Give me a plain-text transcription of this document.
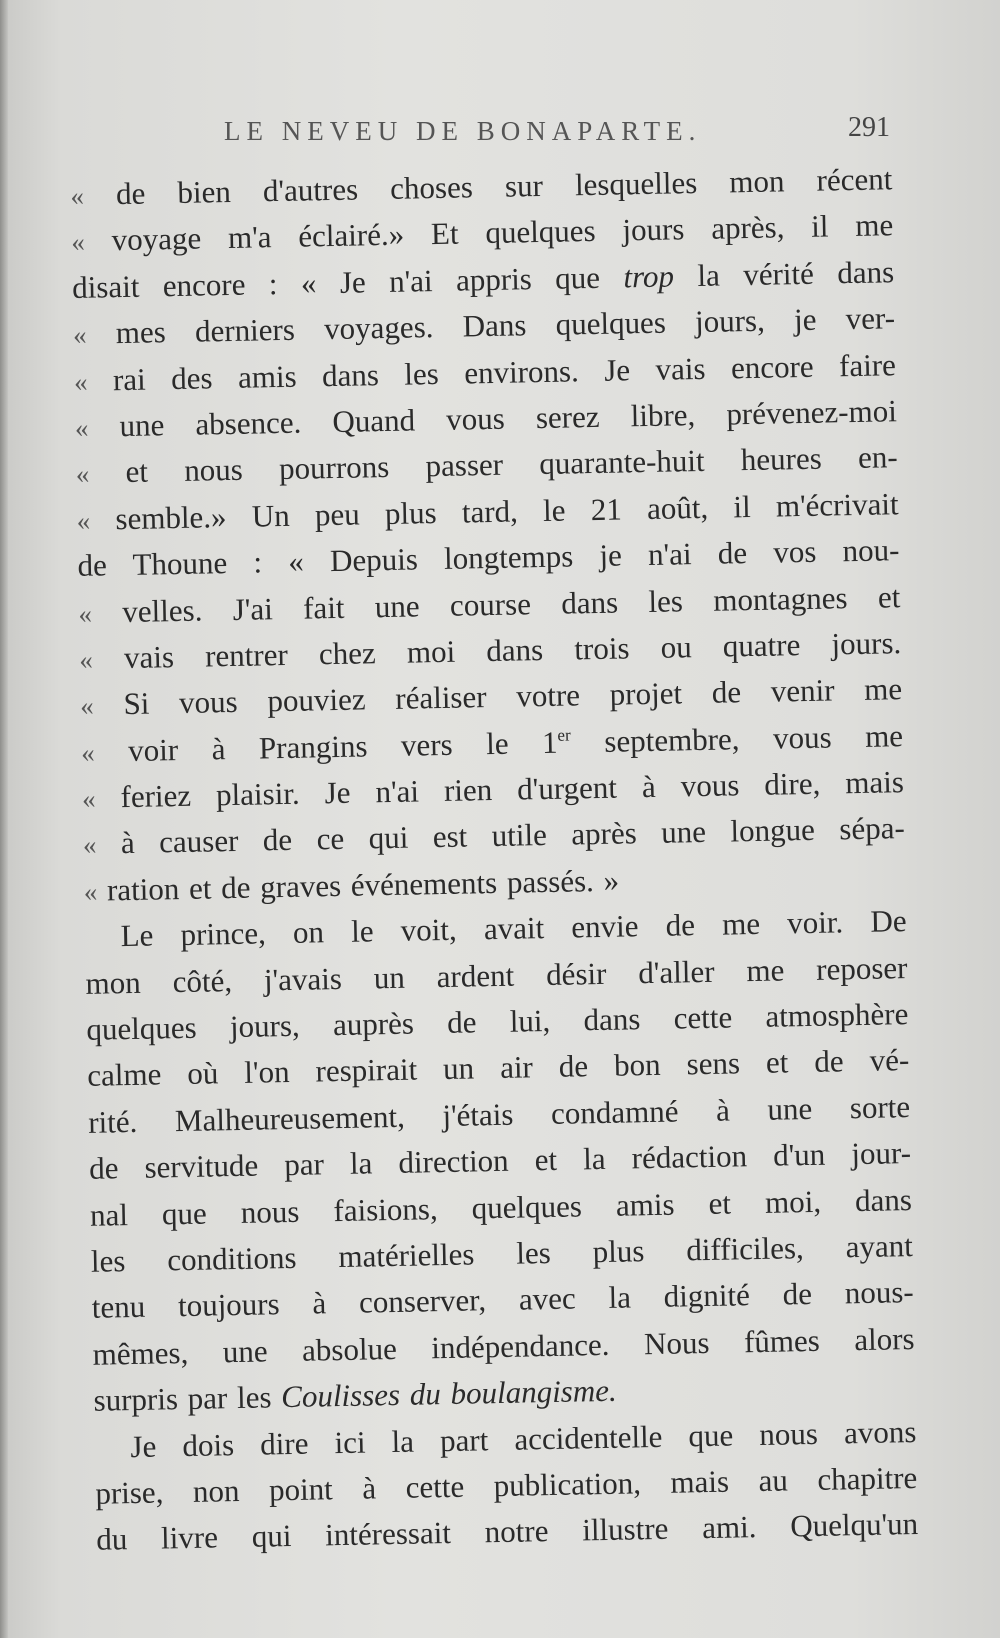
LE NEVEU DE BONAPARTE.	291
« de bien d'autres choses sur lesquelles mon récent
« voyage m'a éclairé.» Et quelques jours après, il me
disait encore : « Je n'ai appris que trop la vérité dans
« mes derniers voyages. Dans quelques jours, je ver-
« rai des amis dans les environs. Je vais encore faire
« une absence. Quand vous serez libre, prévenez-moi
« et nous pourrons passer quarante-huit heures en-
« semble.» Un peu plus tard, le 21 août, il m'écrivait
de Thoune : « Depuis longtemps je n'ai de vos nou-
« velles. J'ai fait une course dans les montagnes et
« vais rentrer chez moi dans trois ou quatre jours.
« Si vous pouviez réaliser votre projet de venir me
« voir à Prangins vers le 1er septembre, vous me
« feriez plaisir. Je n'ai rien d'urgent à vous dire, mais
« à causer de ce qui est utile après une longue sépa-
« ration et de graves événements passés. »
Le prince, on le voit, avait envie de me voir. De
mon côté, j'avais un ardent désir d'aller me reposer
quelques jours, auprès de lui, dans cette atmosphère
calme où l'on respirait un air de bon sens et de vé-
rité. Malheureusement, j'étais condamné à une sorte
de servitude par la direction et la rédaction d'un jour-
nal que nous faisions, quelques amis et moi, dans
les conditions matérielles les plus difficiles, ayant
tenu toujours à conserver, avec la dignité de nous-
mêmes, une absolue indépendance. Nous fûmes alors
surpris par les Coulisses du boulangisme.
Je dois dire ici la part accidentelle que nous avons
prise, non point à cette publication, mais au chapitre
du livre qui intéressait notre illustre ami. Quelqu'un
